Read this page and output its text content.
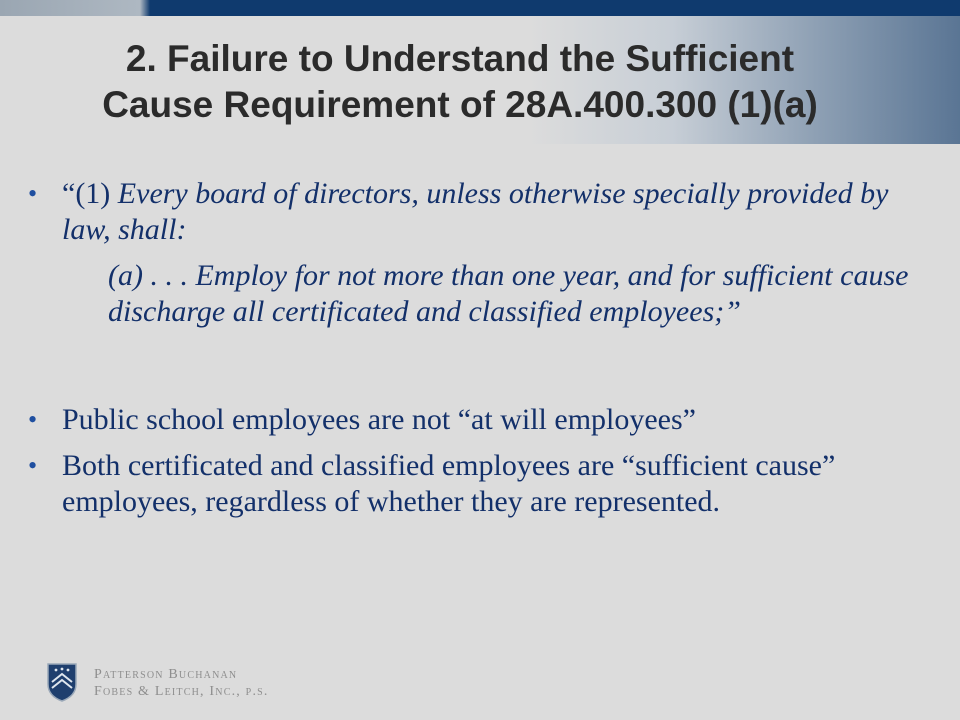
2. Failure to Understand the Sufficient
Cause Requirement of 28A.400.300 (1)(a)
• “(1) Every board of directors, unless otherwise specially provided by law, shall:
(a) . . . Employ for not more than one year, and for sufficient cause discharge all certificated and classified employees;”
• Public school employees are not “at will employees”
• Both certificated and classified employees are “sufficient cause” employees, regardless of whether they are represented.
Patterson Buchanan
Fobes & Leitch, Inc., p.s.
